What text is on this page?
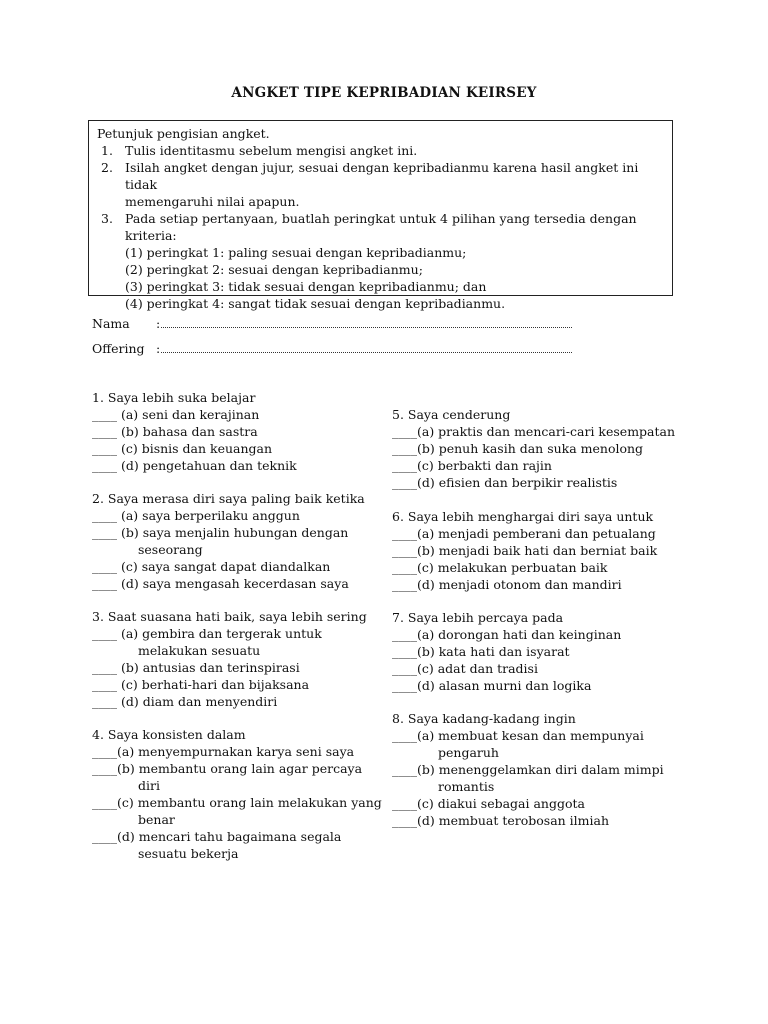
ANGKET TIPE KEPRIBADIAN KEIRSEY

Petunjuk pengisian angket.

1. Tulis identitasmu sebelum mengisi angket ini.
2. Isilah angket dengan jujur, sesuai dengan kepribadianmu karena hasil angket ini tidak
memengaruhi nilai apapun.
3. Pada setiap pertanyaan, buatlah peringkat untuk 4 pilihan yang tersedia dengan
kriteria:
(1) peringkat 1: paling sesuai dengan kepribadianmu;
(2) peringkat 2: sesuai dengan kepribadianmu;
(3) peringkat 3: tidak sesuai dengan kepribadianmu; dan
(4) peringkat 4: sangat tidak sesuai dengan kepribadianmu.
Nama :
Offering :
1. Saya lebih suka belajar
____ (a) seni dan kerajinan
____ (b) bahasa dan sastra
____ (c) bisnis dan keuangan
____ (d) pengetahuan dan teknik
2. Saya merasa diri saya paling baik ketika
____ (a) saya berperilaku anggun
____ (b) saya menjalin hubungan dengan
seseorang
____ (c) saya sangat dapat diandalkan
____ (d) saya mengasah kecerdasan saya
3. Saat suasana hati baik, saya lebih sering
____ (a) gembira dan tergerak untuk
melakukan sesuatu
____ (b) antusias dan terinspirasi
____ (c) berhati-hari dan bijaksana
____ (d) diam dan menyendiri
4. Saya konsisten dalam
____(a) menyempurnakan karya seni saya
____(b) membantu orang lain agar percaya
diri
____(c) membantu orang lain melakukan yang
benar
____(d) mencari tahu bagaimana segala
sesuatu bekerja
5. Saya cenderung
____(a) praktis dan mencari-cari kesempatan
____(b) penuh kasih dan suka menolong
____(c) berbakti dan rajin
____(d) efisien dan berpikir realistis
6. Saya lebih menghargai diri saya untuk
____(a) menjadi pemberani dan petualang
____(b) menjadi baik hati dan berniat baik
____(c) melakukan perbuatan baik
____(d) menjadi otonom dan mandiri
7. Saya lebih percaya pada
____(a) dorongan hati dan keinginan
____(b) kata hati dan isyarat
____(c) adat dan tradisi
____(d) alasan murni dan logika
8. Saya kadang-kadang ingin
____(a) membuat kesan dan mempunyai
pengaruh
____(b) menenggelamkan diri dalam mimpi
romantis
____(c) diakui sebagai anggota
____(d) membuat terobosan ilmiah
